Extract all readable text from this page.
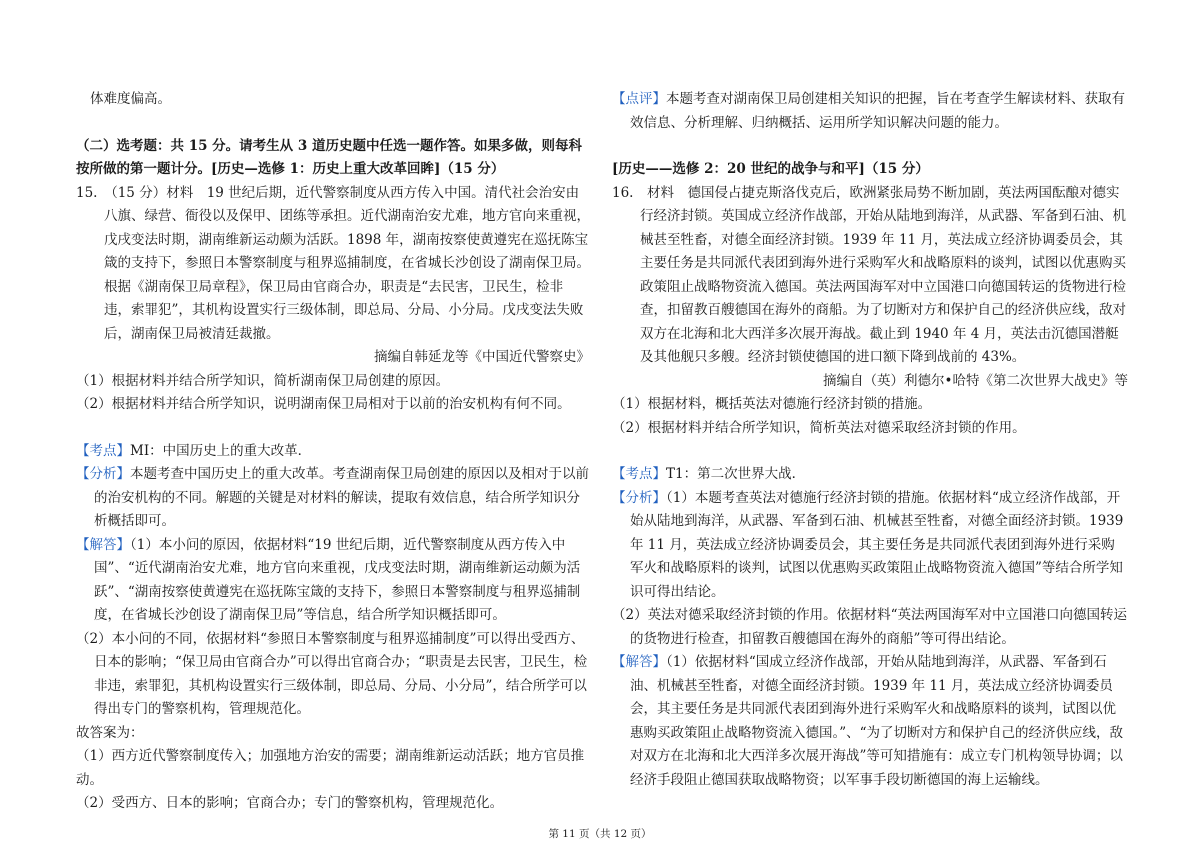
体难度偏高。

（二）选考题：共 15 分。请考生从 3 道历史题中任选一题作答。如果多做，则每科按所做的第一题计分。[历史—选修 1：历史上重大改革回眸]（15 分）

15.　（15 分）材料　19 世纪后期，近代警察制度从西方传入中国。清代社会治安由八旗、绿营、衙役以及保甲、团练等承担。近代湖南治安尤难，地方官向来重视，戊戌变法时期，湖南维新运动颇为活跃。1898 年，湖南按察使黄遵宪在巡抚陈宝箴的支持下，参照日本警察制度与租界巡捕制度，在省城长沙创设了湖南保卫局。根据《湖南保卫局章程》，保卫局由官商合办，职责是“去民害，卫民生，检非违，索罪犯”，其机构设置实行三级体制，即总局、分局、小分局。戊戌变法失败后，湖南保卫局被清廷裁撤。

摘编自韩延龙等《中国近代警察史》

（1）根据材料并结合所学知识，简析湖南保卫局创建的原因。

（2）根据材料并结合所学知识，说明湖南保卫局相对于以前的治安机构有何不同。

【考点】MI：中国历史上的重大改革．

【分析】本题考查中国历史上的重大改革。考查湖南保卫局创建的原因以及相对于以前的治安机构的不同。解题的关键是对材料的解读，提取有效信息，结合所学知识分析概括即可。

【解答】（1）本小问的原因，依据材料“19 世纪后期，近代警察制度从西方传入中国”、“近代湖南治安尤难，地方官向来重视，戊戌变法时期，湖南维新运动颇为活跃”、“湖南按察使黄遵宪在巡抚陈宝箴的支持下，参照日本警察制度与租界巡捕制度，在省城长沙创设了湖南保卫局”等信息，结合所学知识概括即可。

（2）本小问的不同，依据材料“参照日本警察制度与租界巡捕制度”可以得出受西方、日本的影响；“保卫局由官商合办”可以得出官商合办；“职责是去民害，卫民生，检非违，索罪犯，其机构设置实行三级体制，即总局、分局、小分局”，结合所学可以得出专门的警察机构，管理规范化。

故答案为：

（1）西方近代警察制度传入；加强地方治安的需要；湖南维新运动活跃；地方官员推动。

（2）受西方、日本的影响；官商合办；专门的警察机构，管理规范化。

【点评】本题考查对湖南保卫局创建相关知识的把握，旨在考查学生解读材料、获取有效信息、分析理解、归纳概括、运用所学知识解决问题的能力。

[历史——选修 2：20 世纪的战争与和平]（15 分）

16.　材料　德国侵占捷克斯洛伐克后，欧洲紧张局势不断加剧，英法两国酝酿对德实行经济封锁。英国成立经济作战部，开始从陆地到海洋，从武器、军备到石油、机械甚至牲畜，对德全面经济封锁。1939 年 11 月，英法成立经济协调委员会，其主要任务是共同派代表团到海外进行采购军火和战略原料的谈判，试图以优惠购买政策阻止战略物资流入德国。英法两国海军对中立国港口向德国转运的货物进行检查，扣留教百艘德国在海外的商船。为了切断对方和保护自己的经济供应线，敌对双方在北海和北大西洋多次展开海战。截止到 1940 年 4 月，英法击沉德国潜艇及其他舰只多艘。经济封锁使德国的进口额下降到战前的 43%。

摘编自（英）利德尔•哈特《第二次世界大战史》等

（1）根据材料，概括英法对德施行经济封锁的措施。

（2）根据材料并结合所学知识，简析英法对德采取经济封锁的作用。

【考点】T1：第二次世界大战．

【分析】（1）本题考查英法对德施行经济封锁的措施。依据材料“成立经济作战部，开始从陆地到海洋，从武器、军备到石油、机械甚至牲畜，对德全面经济封锁。1939 年 11 月，英法成立经济协调委员会，其主要任务是共同派代表团到海外进行采购军火和战略原料的谈判，试图以优惠购买政策阻止战略物资流入德国”等结合所学知识可得出结论。

（2）英法对德采取经济封锁的作用。依据材料“英法两国海军对中立国港口向德国转运的货物进行检查，扣留教百艘德国在海外的商船”等可得出结论。

【解答】（1）依据材料“国成立经济作战部，开始从陆地到海洋，从武器、军备到石油、机械甚至牲畜，对德全面经济封锁。1939 年 11 月，英法成立经济协调委员会，其主要任务是共同派代表团到海外进行采购军火和战略原料的谈判，试图以优惠购买政策阻止战略物资流入德国。”、“为了切断对方和保护自己的经济供应线，敌对双方在北海和北大西洋多次展开海战”等可知措施有：成立专门机构领导协调；以经济手段阻止德国获取战略物资；以军事手段切断德国的海上运输线。

第 11 页（共 12 页）
